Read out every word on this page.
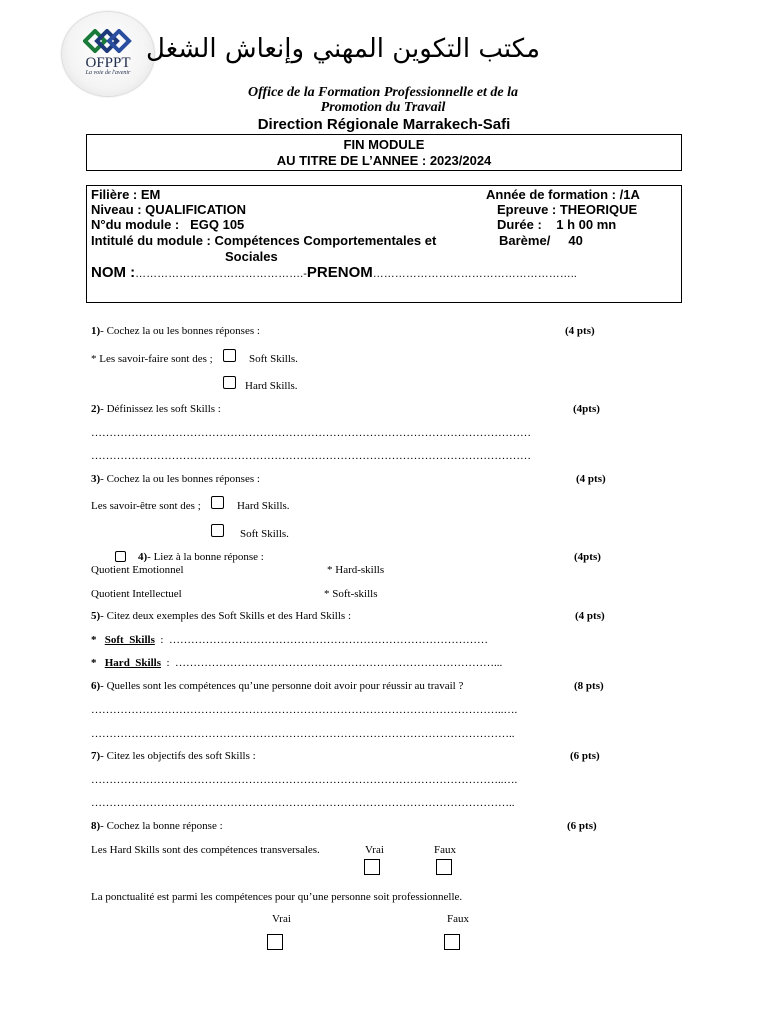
OFPPT
La voie de l'avenir
مكتب التكوين المهني وإنعاش الشغل
Office de la Formation Professionnelle et de la
Promotion du Travail
Direction Régionale Marrakech-Safi
FIN MODULE
AU TITRE DE L’ANNEE : 2023/2024
Filière : EM	Année de formation : /1A
Niveau : QUALIFICATION	Epreuve : THEORIQUE
N°du module :   EGQ 105	Durée :    1 h 00 mn
Intitulé du module : Compétences Comportementales et
Sociales
Barème/     40
NOM :……………………………………….-PRENOM………………………………………………..
1)- Cochez la ou les bonnes réponses :	(4 pts)
* Les savoir-faire sont des ;	Soft Skills.
Hard Skills.
2)- Définissez les soft Skills :	(4pts)
…………………………………………………………………………………………………………
…………………………………………………………………………………………………………
3)- Cochez la ou les bonnes réponses :	(4 pts)
Les savoir-être sont des ;	Hard Skills.
Soft Skills.
4)- Liez à la bonne réponse :	(4pts)
Quotient Emotionnel	* Hard-skills
Quotient Intellectuel	* Soft-skills
5)- Citez deux exemples des Soft Skills et des Hard Skills :	(4 pts)
* Soft  Skills  :  ……………………………………………………………………………
* Hard  Skills  :  ……………………………………………………………………………...
6)- Quelles sont les compétences qu’une personne doit avoir pour réussir au travail ?	(8 pts)
…………………………………………………………………………………………………..….
……………………………………………………………………………………………………..
7)- Citez les objectifs des soft Skills :	(6 pts)
…………………………………………………………………………………………………..….
……………………………………………………………………………………………………..
8)- Cochez la bonne réponse :	(6 pts)
Les Hard Skills sont des compétences transversales.	Vrai	Faux
La ponctualité est parmi les compétences pour qu’une personne soit professionnelle.
Vrai	Faux
